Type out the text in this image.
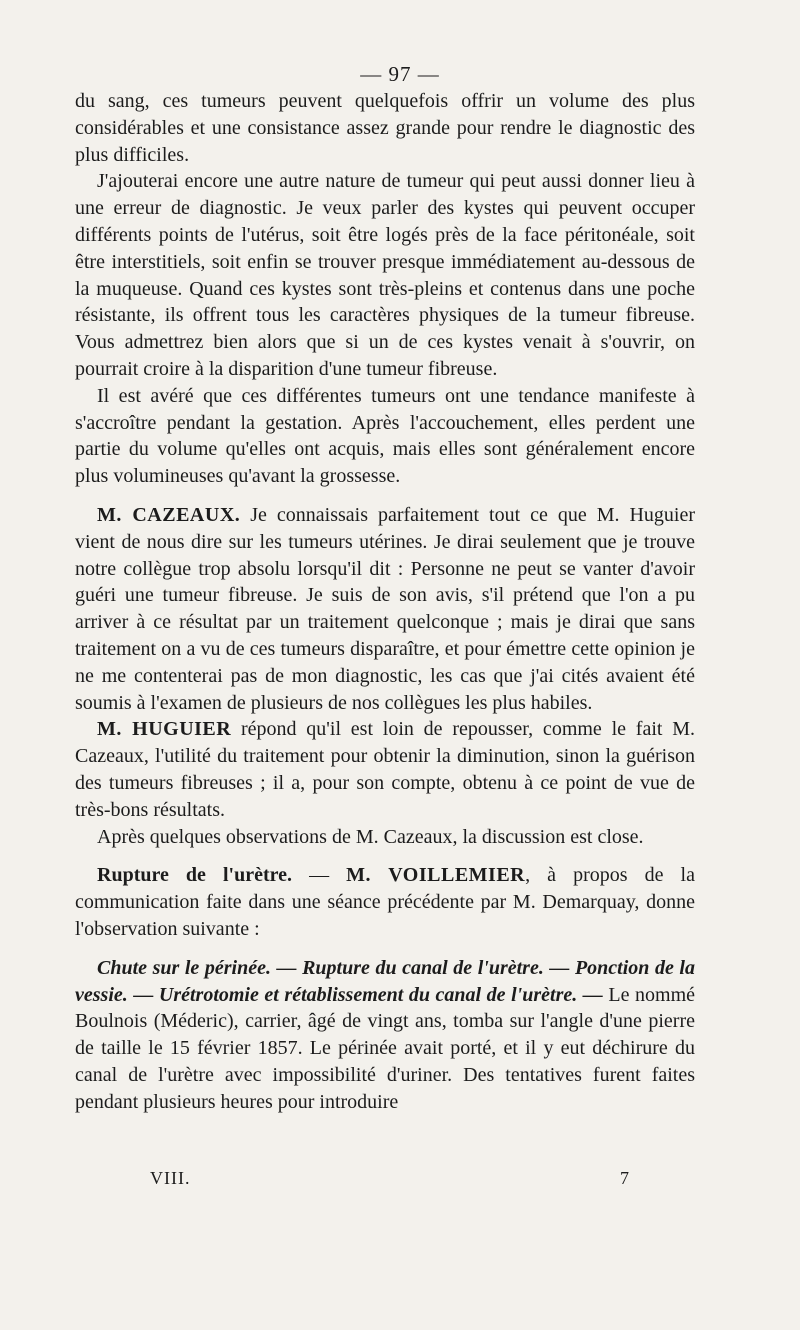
— 97 —

du sang, ces tumeurs peuvent quelquefois offrir un volume des plus considérables et une consistance assez grande pour rendre le diagnostic des plus difficiles.

J'ajouterai encore une autre nature de tumeur qui peut aussi donner lieu à une erreur de diagnostic. Je veux parler des kystes qui peuvent occuper différents points de l'utérus, soit être logés près de la face péritonéale, soit être interstitiels, soit enfin se trouver presque immédiatement au-dessous de la muqueuse. Quand ces kystes sont très-pleins et contenus dans une poche résistante, ils offrent tous les caractères physiques de la tumeur fibreuse. Vous admettrez bien alors que si un de ces kystes venait à s'ouvrir, on pourrait croire à la disparition d'une tumeur fibreuse.

Il est avéré que ces différentes tumeurs ont une tendance manifeste à s'accroître pendant la gestation. Après l'accouchement, elles perdent une partie du volume qu'elles ont acquis, mais elles sont généralement encore plus volumineuses qu'avant la grossesse.

M. CAZEAUX. Je connaissais parfaitement tout ce que M. Huguier vient de nous dire sur les tumeurs utérines. Je dirai seulement que je trouve notre collègue trop absolu lorsqu'il dit : Personne ne peut se vanter d'avoir guéri une tumeur fibreuse. Je suis de son avis, s'il prétend que l'on a pu arriver à ce résultat par un traitement quelconque ; mais je dirai que sans traitement on a vu de ces tumeurs disparaître, et pour émettre cette opinion je ne me contenterai pas de mon diagnostic, les cas que j'ai cités avaient été soumis à l'examen de plusieurs de nos collègues les plus habiles.

M. HUGUIER répond qu'il est loin de repousser, comme le fait M. Cazeaux, l'utilité du traitement pour obtenir la diminution, sinon la guérison des tumeurs fibreuses ; il a, pour son compte, obtenu à ce point de vue de très-bons résultats.

Après quelques observations de M. Cazeaux, la discussion est close.

Rupture de l'urètre. — M. VOILLEMIER, à propos de la communication faite dans une séance précédente par M. Demarquay, donne l'observation suivante :

Chute sur le périnée. — Rupture du canal de l'urètre. — Ponction de la vessie. — Urétrotomie et rétablissement du canal de l'urètre. — Le nommé Boulnois (Méderic), carrier, âgé de vingt ans, tomba sur l'angle d'une pierre de taille le 15 février 1857. Le périnée avait porté, et il y eut déchirure du canal de l'urètre avec impossibilité d'uriner. Des tentatives furent faites pendant plusieurs heures pour introduire

VIII.	7
